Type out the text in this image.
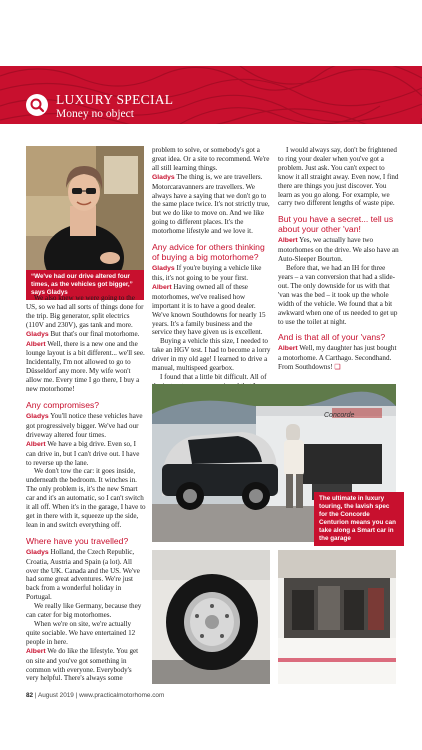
LUXURY SPECIAL
Money no object
“We've had our drive altered four times, as the vehicles got bigger,” says Gladys

We also knew we were going to the US, so we had all sorts of things done for the trip. Big generator, split electrics (110V and 230V), gas tank and more.

Gladys But that's our final motorhome.

Albert Well, there is a new one and the lounge layout is a bit different... we'll see. Incidentally, I'm not allowed to go to Düsseldorf any more. My wife won't allow me. Every time I go there, I buy a new motorhome!

Any compromises?

Gladys You'll notice these vehicles have got progressively bigger. We've had our driveway altered four times.

Albert We have a big drive. Even so, I can drive in, but I can't drive out. I have to reverse up the lane.

We don't tow the car: it goes inside, underneath the bedroom. It winches in. The only problem is, it's the new Smart car and it's an automatic, so I can't switch it all off. When it's in the garage, I have to get in there with it, squeeze up the side, lean in and switch everything off.

Where have you travelled?

Gladys Holland, the Czech Republic, Croatia, Austria and Spain (a lot). All over the UK. Canada and the US. We've had some great adventures. We're just back from a wonderful holiday in Portugal.

We really like Germany, because they can cater for big motorhomes.

When we're on site, we're actually quite sociable. We have entertained 12 people in here.

Albert We do like the lifestyle. You get on site and you've got something in common with everyone. Everybody's very helpful. There's always some

problem to solve, or somebody's got a great idea. Or a site to recommend. We're all still learning things.

Gladys The thing is, we are travellers. Motorcaravanners are travellers. We always have a saying that we don't go to the same place twice. It's not strictly true, but we do like to move on. And we like going to different places. It's the motorhome lifestyle and we love it.

Any advice for others thinking of buying a big motorhome?

Gladys If you're buying a vehicle like this, it's not going to be your first.

Albert Having owned all of these motorhomes, we've realised how important it is to have a good dealer. We've known Southdowns for nearly 15 years. It's a family business and the service they have given us is excellent.

Buying a vehicle this size, I needed to take an HGV test. I had to become a lorry driver in my old age! I learned to drive a manual, multispeed gearbox.

I found that a little bit difficult. All of

I would always say, don't be frightened to ring your dealer when you've got a problem. Just ask. You can't expect to know it all straight away. Even now, I find there are things you just discover. You learn as you go along. For example, we carry two different lengths of waste pipe.

But you have a secret... tell us about your other 'van!

Albert Yes, we actually have two motorhomes on the drive. We also have an Auto-Sleeper Bourton.

Before that, we had an IH for three years – a van conversion that had a slide-out. The only downside for us with that 'van was the bed – it took up the whole width of the vehicle. We found that a bit awkward when one of us needed to get up to use the toilet at night.

And is that all of your 'vans?

Albert Well, my daughter has just bought a motorhome. A Carthago. Secondhand. From Southdowns! ❑

Concorde
The ultimate in luxury touring, the lavish spec for the Concorde Centurion means you can take along a Smart car in the garage
82 | August 2019 | www.practicalmotorhome.com
